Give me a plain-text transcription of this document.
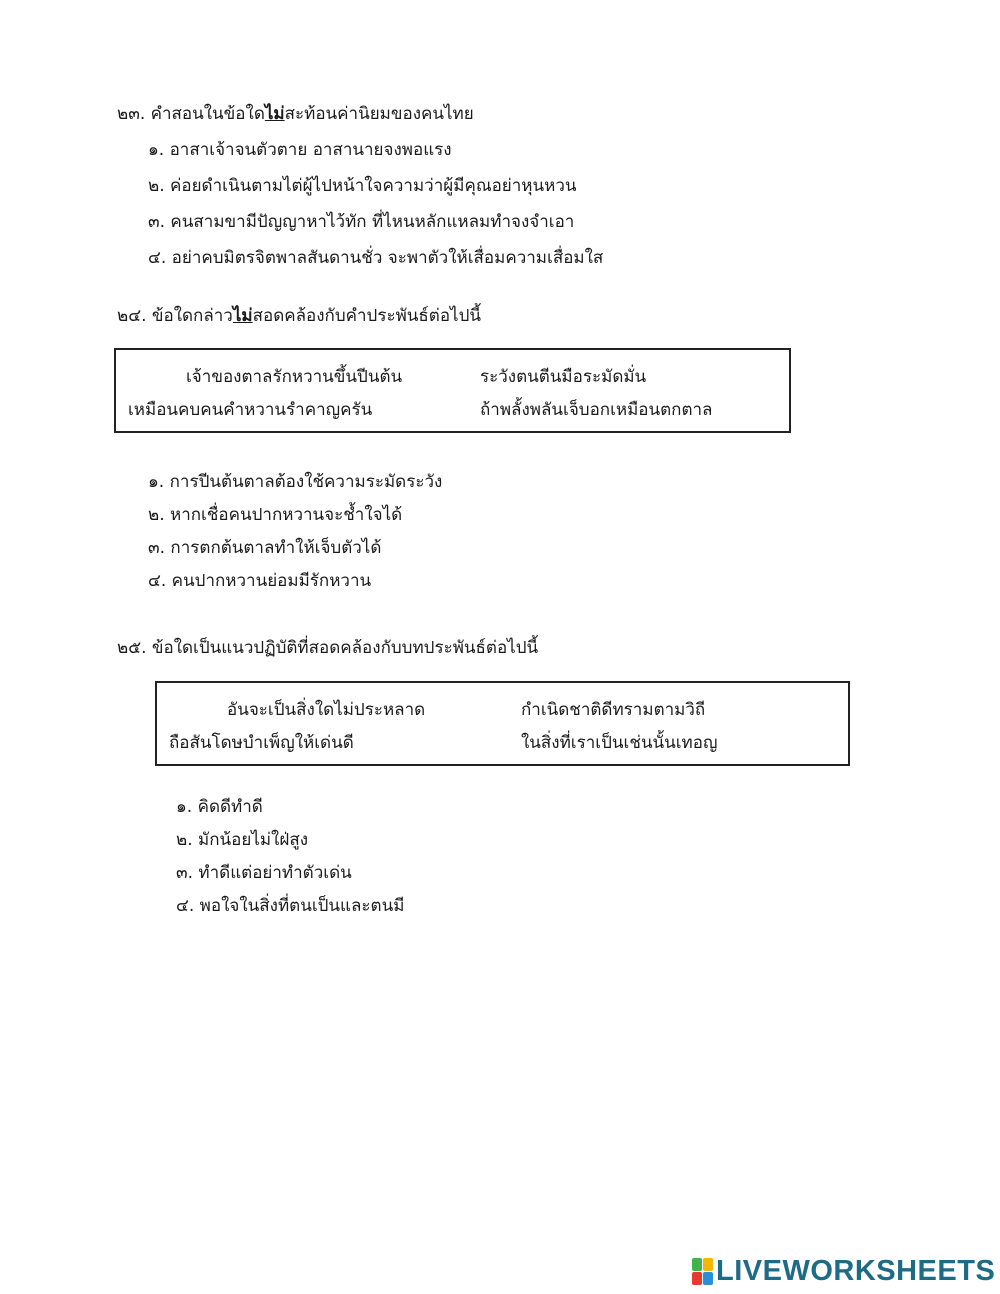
๒๓. คำสอนในข้อใดไม่สะท้อนค่านิยมของคนไทย
๑. อาสาเจ้าจนตัวตาย อาสานายจงพอแรง
๒. ค่อยดำเนินตามไต่ผู้ไปหน้าใจความว่าผู้มีคุณอย่าหุนหวน
๓. คนสามขามีปัญญาหาไว้ทัก ที่ไหนหลักแหลมทำจงจำเอา
๔. อย่าคบมิตรจิตพาลสันดานชั่ว จะพาตัวให้เสื่อมความเสื่อมใส
๒๔. ข้อใดกล่าวไม่สอดคล้องกับคำประพันธ์ต่อไปนี้
เจ้าของตาลรักหวานขึ้นปีนต้น	ระวังตนตีนมือระมัดมั่น
เหมือนคบคนคำหวานรำคาญครัน	ถ้าพลั้งพลันเจ็บอกเหมือนตกตาล
๑. การปีนต้นตาลต้องใช้ความระมัดระวัง
๒. หากเชื่อคนปากหวานจะช้ำใจได้
๓. การตกต้นตาลทำให้เจ็บตัวได้
๔. คนปากหวานย่อมมีรักหวาน
๒๕. ข้อใดเป็นแนวปฏิบัติที่สอดคล้องกับบทประพันธ์ต่อไปนี้
อันจะเป็นสิ่งใดไม่ประหลาด	กำเนิดชาติดีทรามตามวิถี
ถือสันโดษบำเพ็ญให้เด่นดี	ในสิ่งที่เราเป็นเช่นนั้นเทอญ
๑. คิดดีทำดี
๒. มักน้อยไม่ใฝ่สูง
๓. ทำดีแต่อย่าทำตัวเด่น
๔. พอใจในสิ่งที่ตนเป็นและตนมี
LIVEWORKSHEETS
